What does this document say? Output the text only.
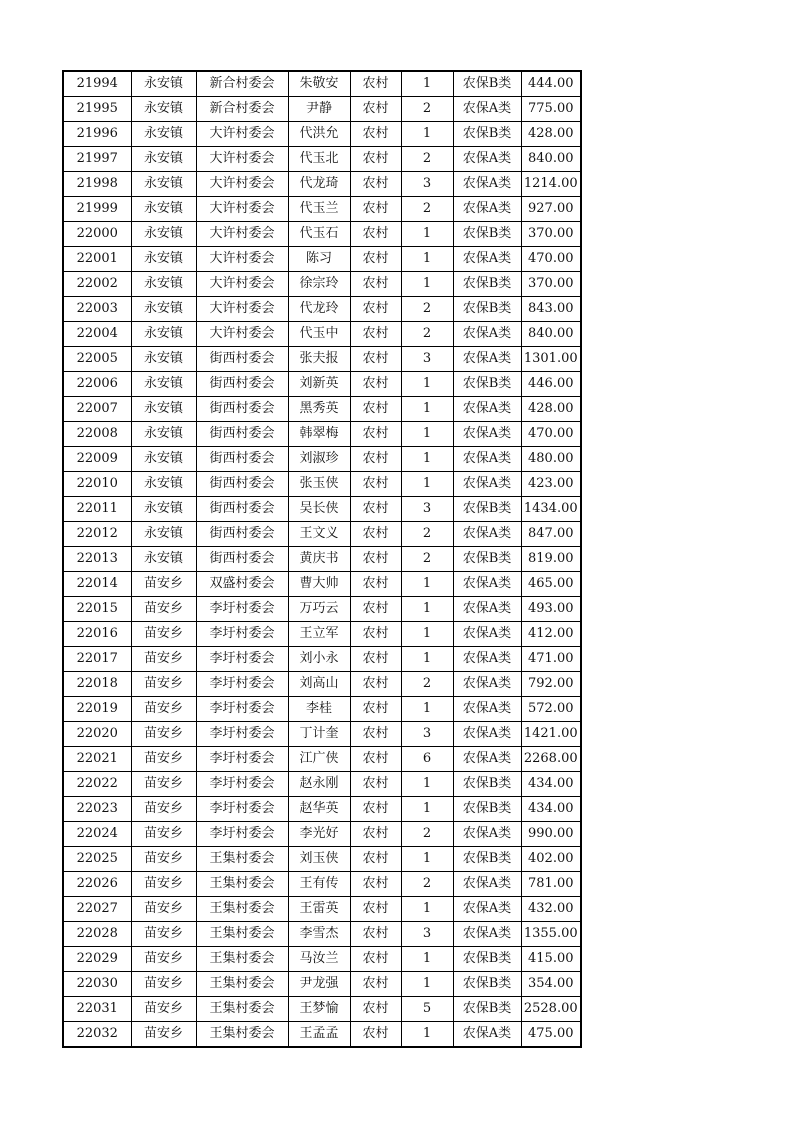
21994	永安镇	新合村委会	朱敬安	农村	1	农保B类	444.00
21995	永安镇	新合村委会	尹静	农村	2	农保A类	775.00
21996	永安镇	大许村委会	代洪允	农村	1	农保B类	428.00
21997	永安镇	大许村委会	代玉北	农村	2	农保A类	840.00
21998	永安镇	大许村委会	代龙琦	农村	3	农保A类	1214.00
21999	永安镇	大许村委会	代玉兰	农村	2	农保A类	927.00
22000	永安镇	大许村委会	代玉石	农村	1	农保B类	370.00
22001	永安镇	大许村委会	陈习	农村	1	农保A类	470.00
22002	永安镇	大许村委会	徐宗玲	农村	1	农保B类	370.00
22003	永安镇	大许村委会	代龙玲	农村	2	农保B类	843.00
22004	永安镇	大许村委会	代玉中	农村	2	农保A类	840.00
22005	永安镇	街西村委会	张夫报	农村	3	农保A类	1301.00
22006	永安镇	街西村委会	刘新英	农村	1	农保B类	446.00
22007	永安镇	街西村委会	黑秀英	农村	1	农保A类	428.00
22008	永安镇	街西村委会	韩翠梅	农村	1	农保A类	470.00
22009	永安镇	街西村委会	刘淑珍	农村	1	农保A类	480.00
22010	永安镇	街西村委会	张玉侠	农村	1	农保A类	423.00
22011	永安镇	街西村委会	吴长侠	农村	3	农保B类	1434.00
22012	永安镇	街西村委会	王文义	农村	2	农保A类	847.00
22013	永安镇	街西村委会	黄庆书	农村	2	农保B类	819.00
22014	苗安乡	双盛村委会	曹大帅	农村	1	农保A类	465.00
22015	苗安乡	李圩村委会	万巧云	农村	1	农保A类	493.00
22016	苗安乡	李圩村委会	王立军	农村	1	农保A类	412.00
22017	苗安乡	李圩村委会	刘小永	农村	1	农保A类	471.00
22018	苗安乡	李圩村委会	刘高山	农村	2	农保A类	792.00
22019	苗安乡	李圩村委会	李桂	农村	1	农保A类	572.00
22020	苗安乡	李圩村委会	丁计奎	农村	3	农保A类	1421.00
22021	苗安乡	李圩村委会	江广侠	农村	6	农保A类	2268.00
22022	苗安乡	李圩村委会	赵永刚	农村	1	农保B类	434.00
22023	苗安乡	李圩村委会	赵华英	农村	1	农保B类	434.00
22024	苗安乡	李圩村委会	李光好	农村	2	农保A类	990.00
22025	苗安乡	王集村委会	刘玉侠	农村	1	农保B类	402.00
22026	苗安乡	王集村委会	王有传	农村	2	农保A类	781.00
22027	苗安乡	王集村委会	王雷英	农村	1	农保A类	432.00
22028	苗安乡	王集村委会	李雪杰	农村	3	农保A类	1355.00
22029	苗安乡	王集村委会	马汝兰	农村	1	农保B类	415.00
22030	苗安乡	王集村委会	尹龙强	农村	1	农保B类	354.00
22031	苗安乡	王集村委会	王梦愉	农村	5	农保B类	2528.00
22032	苗安乡	王集村委会	王孟孟	农村	1	农保A类	475.00
